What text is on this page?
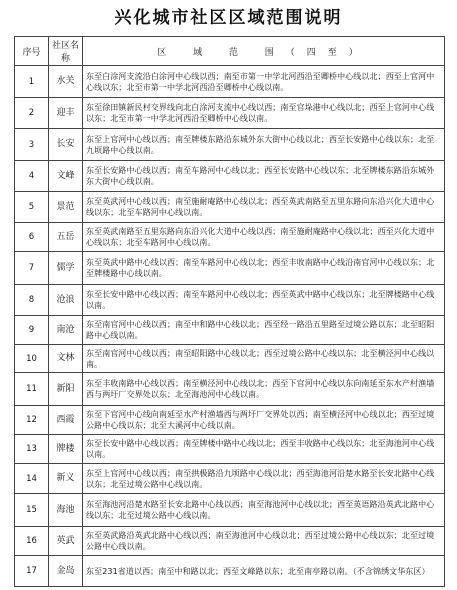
兴化城市社区区域范围说明
序号	社区名称	区 域 范 围（四至）
1	水关	东至白涂河支流沿白涂河中心线以西；南至市第一中学北河西沿至卿桥中心线以北；西至上官河中心线以东；北至市第一中学北河西沿至卿桥中心线以南。
2	迎丰	东至徐田镇新民村交界线向北白涂河支流中心线以西；南至官垛港中心线以北；西至上官河中心线以东；北至市第一中学北河西沿至卿桥中心线以南。
3	长安	东至上官河中心线以西；南至牌楼东路沿东城外东大街中心线以北；西至长安路中心线以东；北至九顷路中心线以南。
4	文峰	东至长安路中心线以西；南至车路河中心线以北；西至长安路中心线以东；北至牌楼东路沿东城外东大街中心线以南。
5	景范	东至英武河中心线以西；南至施耐庵路中心线以北；西至英武南路至五里东路向东沿兴化大道中心线以东；北至车路河中心线以南。
6	五岳	东至英武南路至五里东路向东沿兴化大道中心线以西；南至施耐庵路中心线以北；西至兴化大道中心线以东；北至车路河中心线以南。
7	儒学	东至英武中路中心线以西；南至车路河中心线以北；西至丰收南路中心线沿南官河中心线以东；北至牌楼路中心线以南。
8	沧浪	东至长安中路中心线以西；南至车路河中心线以北；西至英武中路中心线以东；北至牌楼路中心线以南。
9	南沧	东至南官河中心线以西；南至中和路中心线以北；西至经一路沿五里路至过境公路以东；北至昭阳路中心线以南。
10	文林	东至南官河中心线以西；南至昭阳路中心线以北；西至过境公路中心线以东；北至横泾河中心线以南。
11	新阳	东至丰收南路中心线以西；南至横泾河中心线以北；西至下官河中心线以东向南延至东水产村渔墙西与两圩厂交界处以东；北至海池河中心线以南。
12	西霞	东至下官河中心线向南延至水产村渔墙西与两圩厂交界处以西；南至横泾河中心线以北；西至过境公路中心线以东；北至大溪河中心线以南。
13	牌楼	东至长安中路中心线以西；南至牌楼中路中心线以北；西至丰收路中心线以东；北至海池河中心线以南。
14	新义	东至上官河中心线以西；南至拱极路沿九顷路中心线以北；西至海池河沿楚水路至长安北路中心线以东；北至过境公路中心线以南。
15	海池	东至海池河沿楚水路至长安北路中心线以西；南至海池河中心线以北；西至英语路沿英武北路中心线以东；北至过境公路中心线以南。
16	英武	东至英武路沿英武北路中心线以西；南至海池河中心线以北；西至过境公路中心线以东；北至过境公路中心线以南。
17	金岛	东至231省道以西；南至中和路以北；西至文峰路以东；北至南亭路以南。（不含锦绣文华东区）
